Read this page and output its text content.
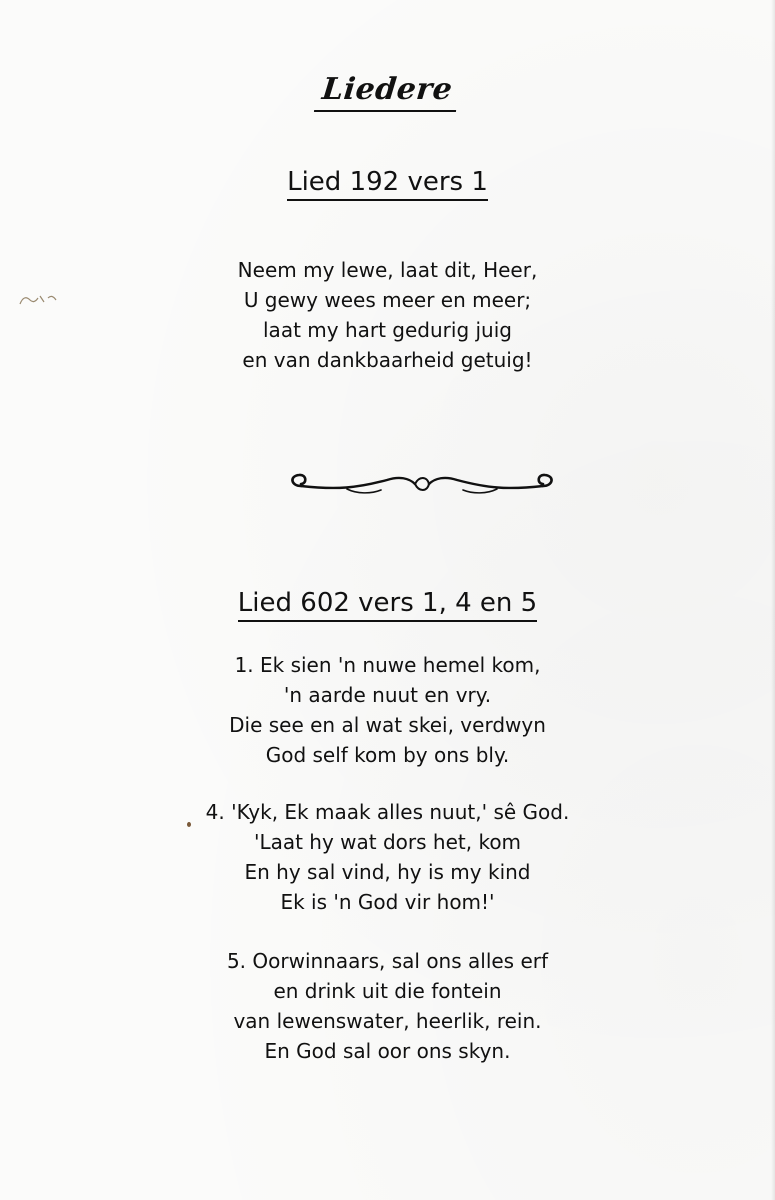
Liedere
Lied 192 vers 1
Neem my lewe, laat dit, Heer,
U gewy wees meer en meer;
laat my hart gedurig juig
en van dankbaarheid getuig!
Lied 602 vers 1, 4 en 5
1. Ek sien 'n nuwe hemel kom,
'n aarde nuut en vry.
Die see en al wat skei, verdwyn
God self kom by ons bly.
4. 'Kyk, Ek maak alles nuut,' sê God.
'Laat hy wat dors het, kom
En hy sal vind, hy is my kind
Ek is 'n God vir hom!'
5. Oorwinnaars, sal ons alles erf
en drink uit die fontein
van lewenswater, heerlik, rein.
En God sal oor ons skyn.
